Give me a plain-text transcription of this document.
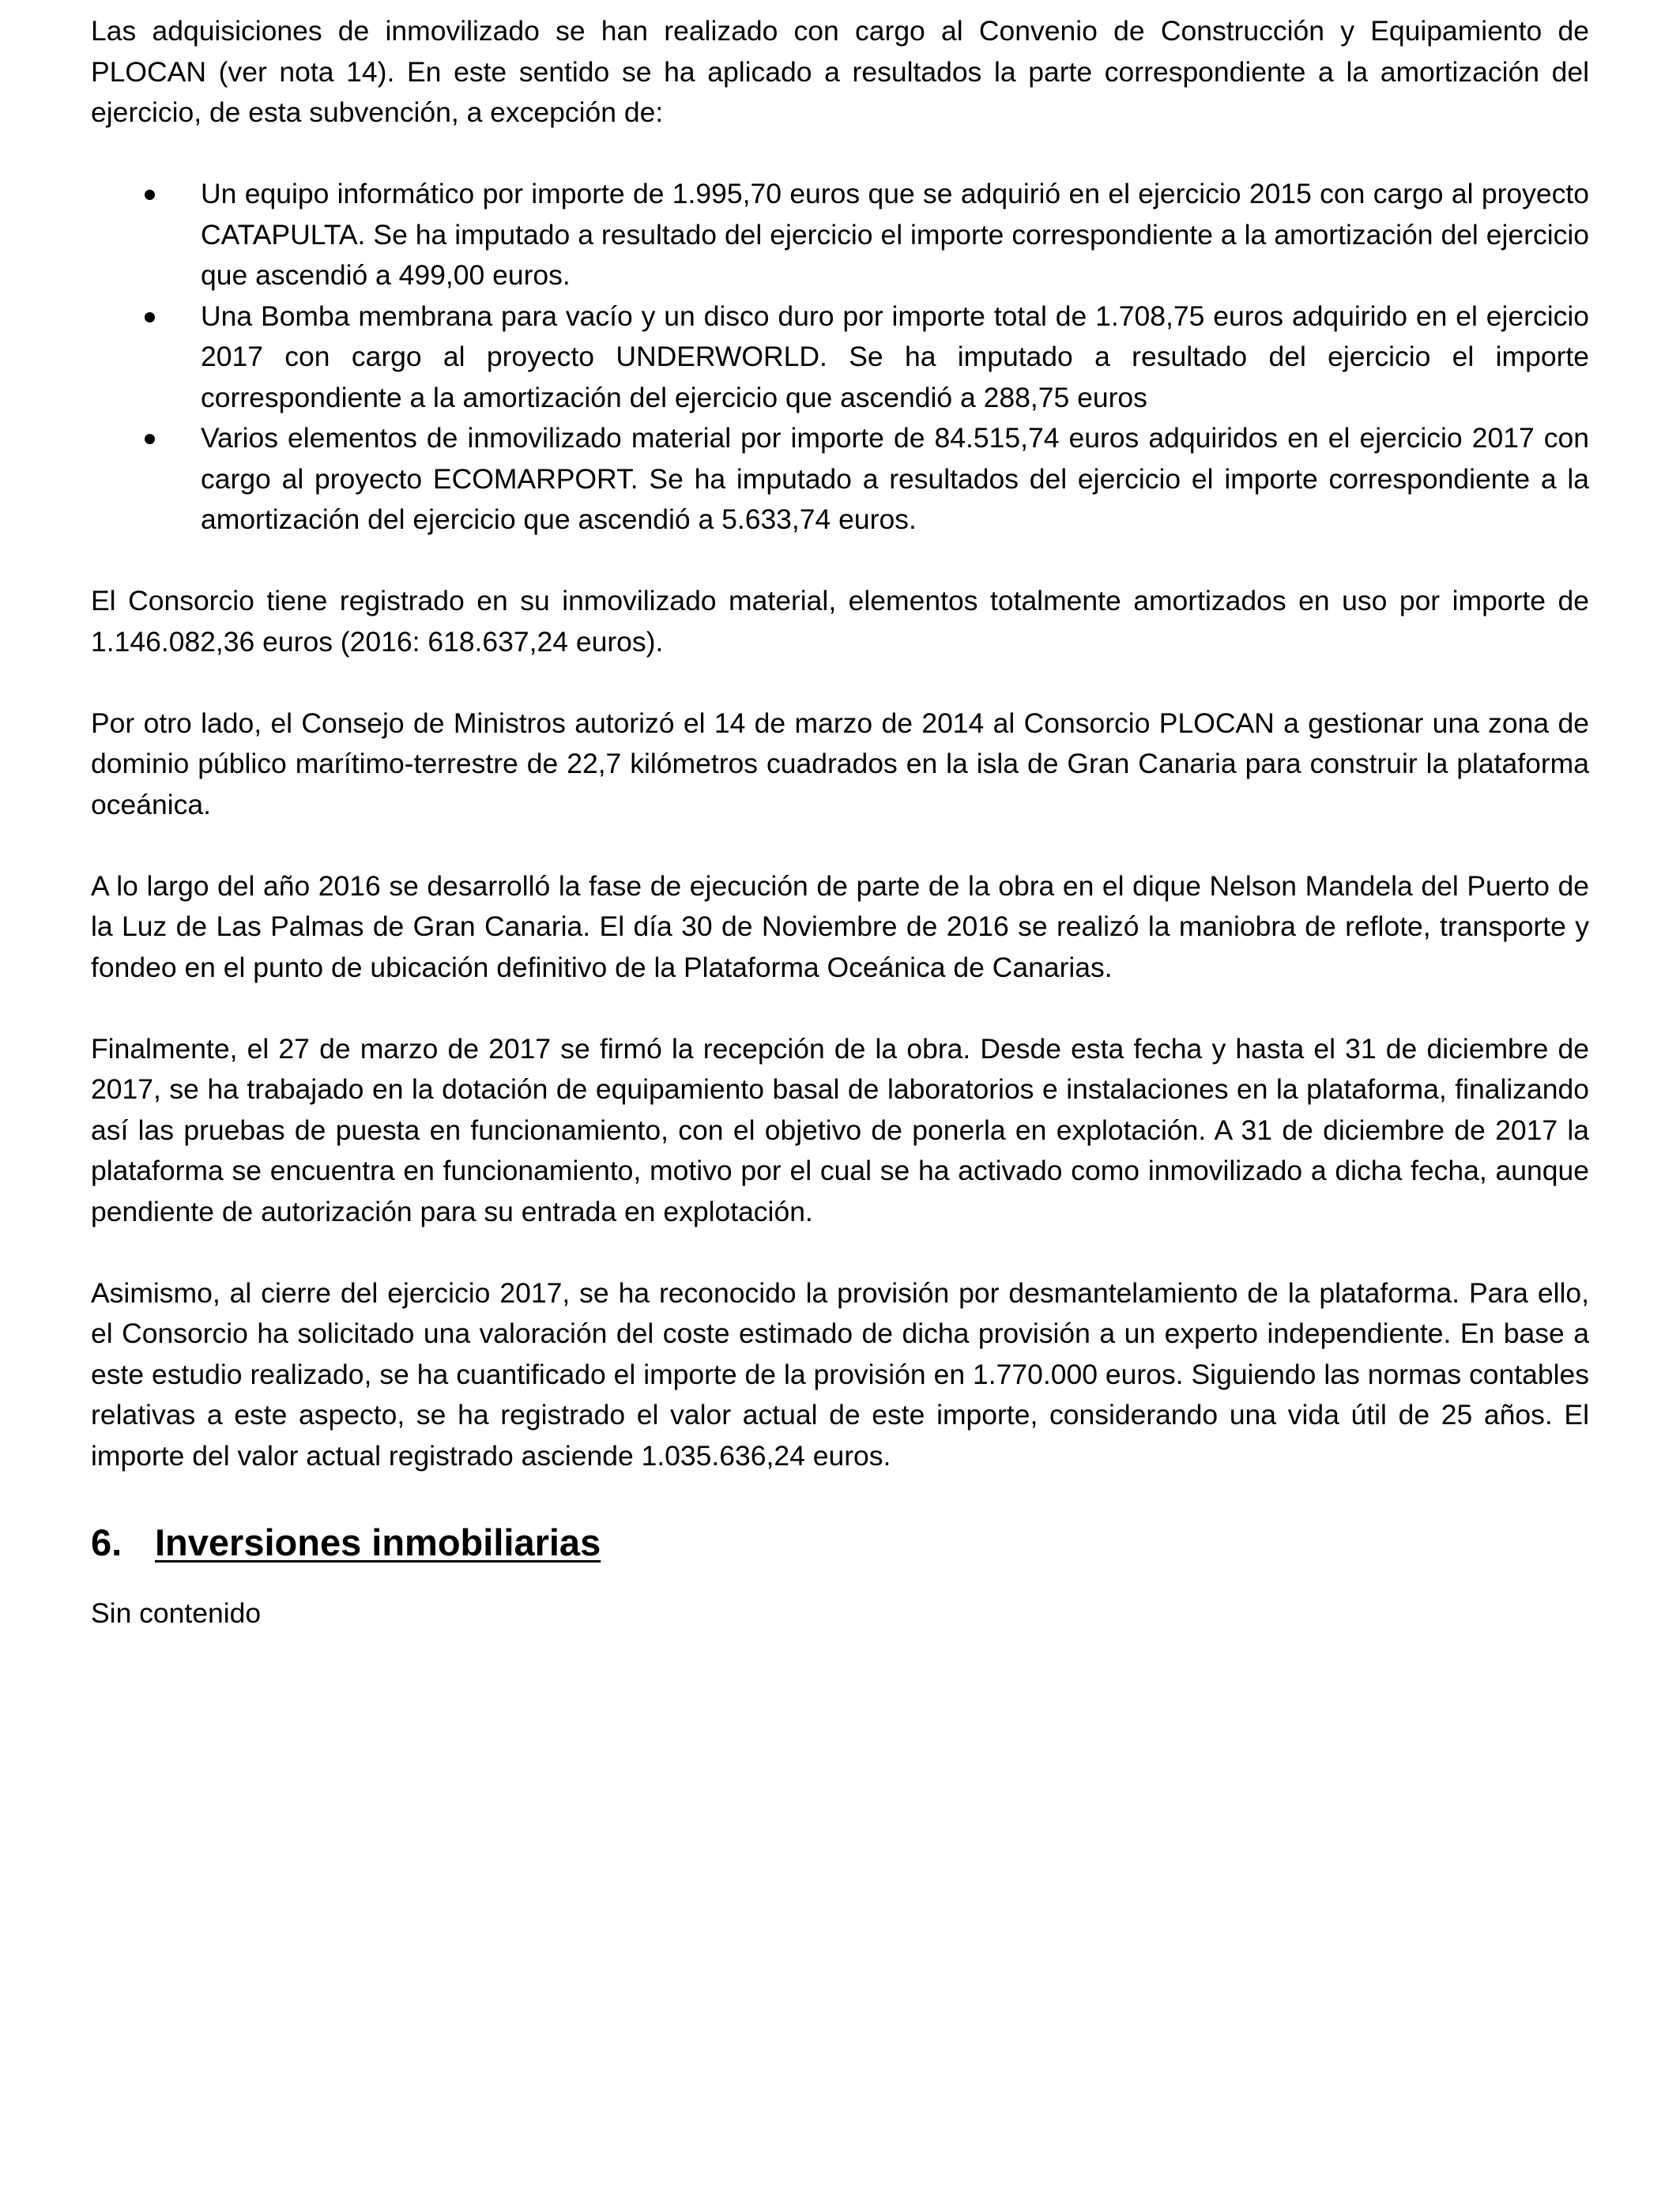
Las adquisiciones de inmovilizado se han realizado con cargo al Convenio de Construcción y Equipamiento de PLOCAN (ver nota 14). En este sentido se ha aplicado a resultados la parte correspondiente a la amortización del ejercicio, de esta subvención, a excepción de:

Un equipo informático por importe de 1.995,70 euros que se adquirió en el ejercicio 2015 con cargo al proyecto CATAPULTA. Se ha imputado a resultado del ejercicio el importe correspondiente a la amortización del ejercicio que ascendió a 499,00 euros.
Una Bomba membrana para vacío y un disco duro por importe total de 1.708,75 euros adquirido en el ejercicio 2017 con cargo al proyecto UNDERWORLD. Se ha imputado a resultado del ejercicio el importe correspondiente a la amortización del ejercicio que ascendió a 288,75 euros
Varios elementos de inmovilizado material por importe de 84.515,74 euros adquiridos en el ejercicio 2017 con cargo al proyecto ECOMARPORT. Se ha imputado a resultados del ejercicio el importe correspondiente a la amortización del ejercicio que ascendió a 5.633,74 euros.

El Consorcio tiene registrado en su inmovilizado material, elementos totalmente amortizados en uso por importe de 1.146.082,36 euros (2016: 618.637,24 euros).

Por otro lado, el Consejo de Ministros autorizó el 14 de marzo de 2014 al Consorcio PLOCAN a gestionar una zona de dominio público marítimo-terrestre de 22,7 kilómetros cuadrados en la isla de Gran Canaria para construir la plataforma oceánica.

A lo largo del año 2016 se desarrolló la fase de ejecución de parte de la obra en el dique Nelson Mandela del Puerto de la Luz de Las Palmas de Gran Canaria. El día 30 de Noviembre de 2016 se realizó la maniobra de reflote, transporte y fondeo en el punto de ubicación definitivo de la Plataforma Oceánica de Canarias.

Finalmente, el 27 de marzo de 2017 se firmó la recepción de la obra. Desde esta fecha y hasta el 31 de diciembre de 2017, se ha trabajado en la dotación de equipamiento basal de laboratorios e instalaciones en la plataforma, finalizando así las pruebas de puesta en funcionamiento, con el objetivo de ponerla en explotación. A 31 de diciembre de 2017 la plataforma se encuentra en funcionamiento, motivo por el cual se ha activado como inmovilizado a dicha fecha, aunque pendiente de autorización para su entrada en explotación.

Asimismo, al cierre del ejercicio 2017, se ha reconocido la provisión por desmantelamiento de la plataforma. Para ello, el Consorcio ha solicitado una valoración del coste estimado de dicha provisión a un experto independiente. En base a este estudio realizado, se ha cuantificado el importe de la provisión en 1.770.000 euros. Siguiendo las normas contables relativas a este aspecto, se ha registrado el valor actual de este importe, considerando una vida útil de 25 años. El importe del valor actual registrado asciende 1.035.636,24 euros.

6. Inversiones inmobiliarias

Sin contenido
